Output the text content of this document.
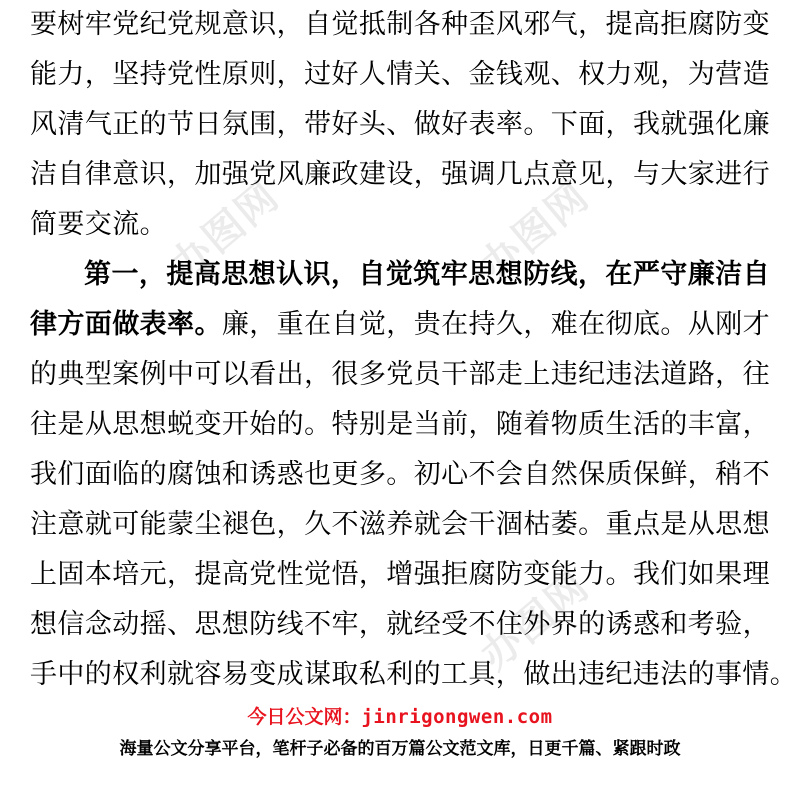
办图网	办图网
办图网
要树牢党纪党规意识，自觉抵制各种歪风邪气，提高拒腐防变
能力，坚持党性原则，过好人情关、金钱观、权力观，为营造
风清气正的节日氛围，带好头、做好表率。下面，我就强化廉
洁自律意识，加强党风廉政建设，强调几点意见，与大家进行
简要交流。
第一，提高思想认识，自觉筑牢思想防线，在严守廉洁自
律方面做表率。廉，重在自觉，贵在持久，难在彻底。从刚才
的典型案例中可以看出，很多党员干部走上违纪违法道路，往
往是从思想蜕变开始的。特别是当前，随着物质生活的丰富，
我们面临的腐蚀和诱惑也更多。初心不会自然保质保鲜，稍不
注意就可能蒙尘褪色，久不滋养就会干涸枯萎。重点是从思想
上固本培元，提高党性觉悟，增强拒腐防变能力。我们如果理
想信念动摇、思想防线不牢，就经受不住外界的诱惑和考验，
手中的权利就容易变成谋取私利的工具，做出违纪违法的事情。
今日公文网：jinrigongwen.com
海量公文分享平台，笔杆子必备的百万篇公文范文库，日更千篇、紧跟时政
